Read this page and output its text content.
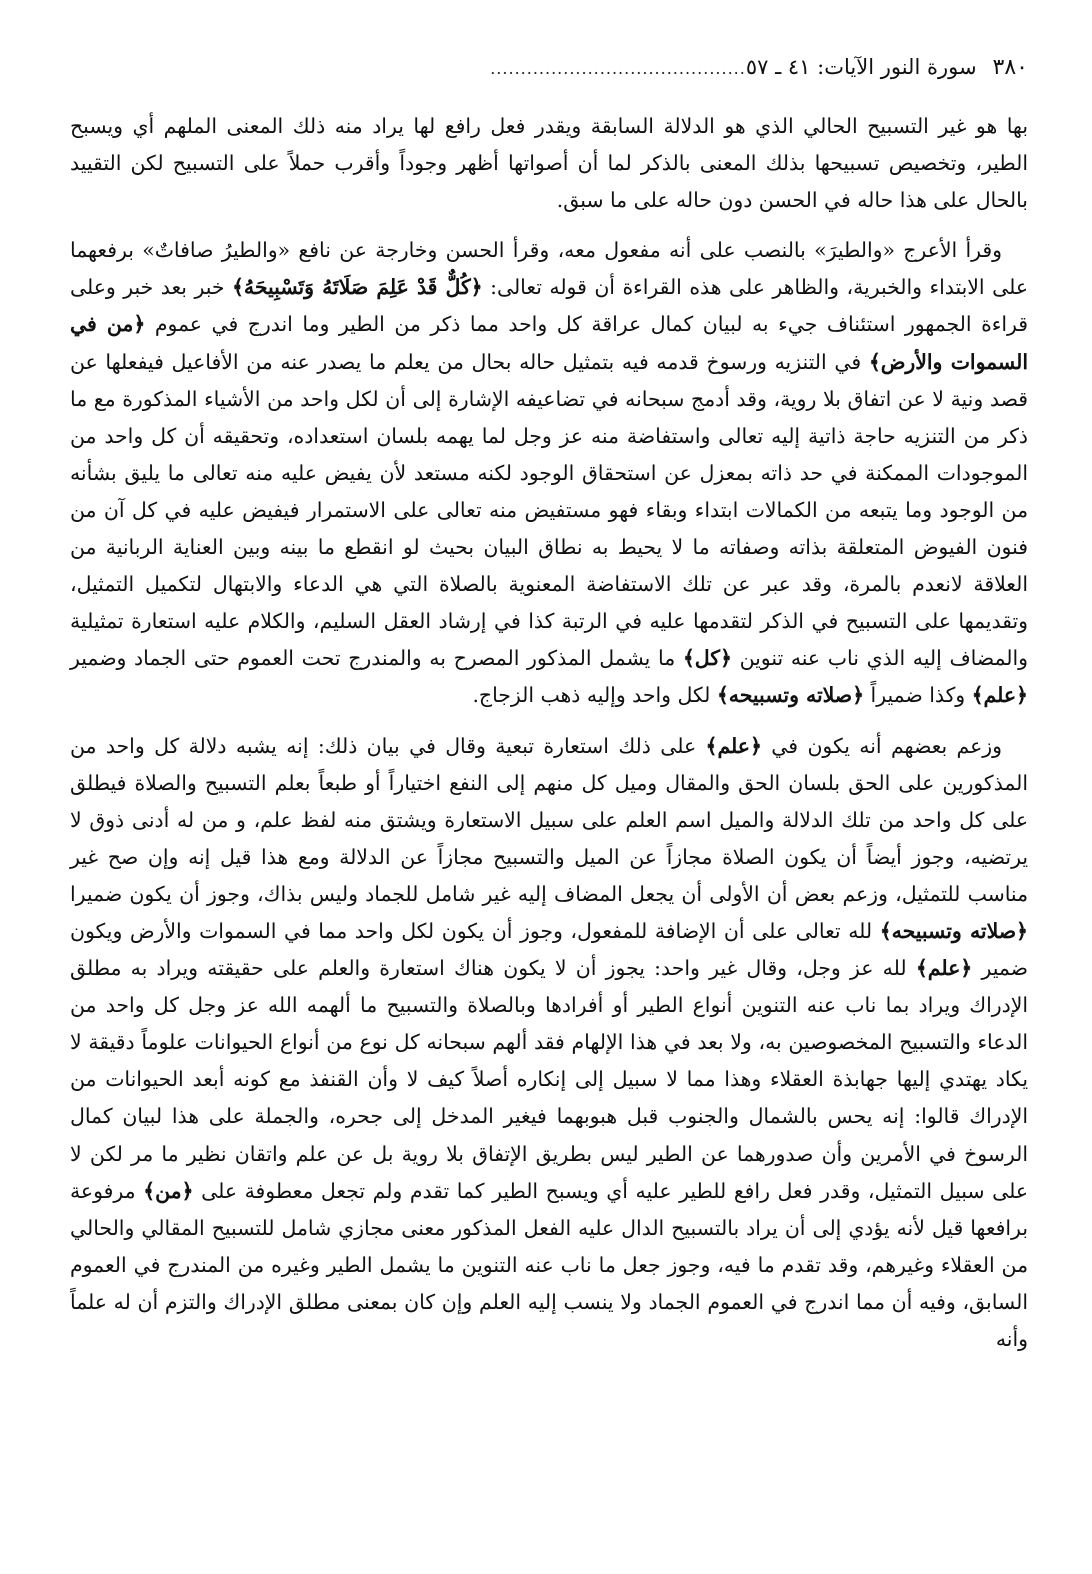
٣٨٠
سورة النور الآيات: ٤١ ـ ٥٧
..........................................

بها هو غير التسبيح الحالي الذي هو الدلالة السابقة ويقدر فعل رافع لها يراد منه ذلك المعنى الملهم أي ويسبح الطير، وتخصيص تسبيحها بذلك المعنى بالذكر لما أن أصواتها أظهر وجوداً وأقرب حملاً على التسبيح لكن التقييد بالحال على هذا حاله في الحسن دون حاله على ما سبق.

وقرأ الأعرج «والطيرَ» بالنصب على أنه مفعول معه، وقرأ الحسن وخارجة عن نافع «والطيرُ صافاتٌ» برفعهما على الابتداء والخبرية، والظاهر على هذه القراءة أن قوله تعالى: ﴿كُلٌّ قَدْ عَلِمَ صَلَاتَهُ وَتَسْبِيحَهُ﴾ خبر بعد خبر وعلى قراءة الجمهور استئناف جيء به لبيان كمال عراقة كل واحد مما ذكر من الطير وما اندرج في عموم ﴿من في السموات والأرض﴾ في التنزيه ورسوخ قدمه فيه بتمثيل حاله بحال من يعلم ما يصدر عنه من الأفاعيل فيفعلها عن قصد ونية لا عن اتفاق بلا روية، وقد أدمج سبحانه في تضاعيفه الإشارة إلى أن لكل واحد من الأشياء المذكورة مع ما ذكر من التنزيه حاجة ذاتية إليه تعالى واستفاضة منه عز وجل لما يهمه بلسان استعداده، وتحقيقه أن كل واحد من الموجودات الممكنة في حد ذاته بمعزل عن استحقاق الوجود لكنه مستعد لأن يفيض عليه منه تعالى ما يليق بشأنه من الوجود وما يتبعه من الكمالات ابتداء وبقاء فهو مستفيض منه تعالى على الاستمرار فيفيض عليه في كل آن من فنون الفيوض المتعلقة بذاته وصفاته ما لا يحيط به نطاق البيان بحيث لو انقطع ما بينه وبين العناية الربانية من العلاقة لانعدم بالمرة، وقد عبر عن تلك الاستفاضة المعنوية بالصلاة التي هي الدعاء والابتهال لتكميل التمثيل، وتقديمها على التسبيح في الذكر لتقدمها عليه في الرتبة كذا في إرشاد العقل السليم، والكلام عليه استعارة تمثيلية والمضاف إليه الذي ناب عنه تنوين ﴿كل﴾ ما يشمل المذكور المصرح به والمندرج تحت العموم حتى الجماد وضمير ﴿علم﴾ وكذا ضميراً ﴿صلاته وتسبيحه﴾ لكل واحد وإليه ذهب الزجاج.

وزعم بعضهم أنه يكون في ﴿علم﴾ على ذلك استعارة تبعية وقال في بيان ذلك: إنه يشبه دلالة كل واحد من المذكورين على الحق بلسان الحق والمقال وميل كل منهم إلى النفع اختياراً أو طبعاً بعلم التسبيح والصلاة فيطلق على كل واحد من تلك الدلالة والميل اسم العلم على سبيل الاستعارة ويشتق منه لفظ علم، و من له أدنى ذوق لا يرتضيه، وجوز أيضاً أن يكون الصلاة مجازاً عن الميل والتسبيح مجازاً عن الدلالة ومع هذا قيل إنه وإن صح غير مناسب للتمثيل، وزعم بعض أن الأولى أن يجعل المضاف إليه غير شامل للجماد وليس بذاك، وجوز أن يكون ضميرا ﴿صلاته وتسبيحه﴾ لله تعالى على أن الإضافة للمفعول، وجوز أن يكون لكل واحد مما في السموات والأرض ويكون ضمير ﴿علم﴾ لله عز وجل، وقال غير واحد: يجوز أن لا يكون هناك استعارة والعلم على حقيقته ويراد به مطلق الإدراك ويراد بما ناب عنه التنوين أنواع الطير أو أفرادها وبالصلاة والتسبيح ما ألهمه الله عز وجل كل واحد من الدعاء والتسبيح المخصوصين به، ولا بعد في هذا الإلهام فقد ألهم سبحانه كل نوع من أنواع الحيوانات علوماً دقيقة لا يكاد يهتدي إليها جهابذة العقلاء وهذا مما لا سبيل إلى إنكاره أصلاً كيف لا وأن القنفذ مع كونه أبعد الحيوانات من الإدراك قالوا: إنه يحس بالشمال والجنوب قبل هبوبهما فيغير المدخل إلى جحره، والجملة على هذا لبيان كمال الرسوخ في الأمرين وأن صدورهما عن الطير ليس بطريق الإتفاق بلا روية بل عن علم واتقان نظير ما مر لكن لا على سبيل التمثيل، وقدر فعل رافع للطير عليه أي ويسبح الطير كما تقدم ولم تجعل معطوفة على ﴿من﴾ مرفوعة برافعها قيل لأنه يؤدي إلى أن يراد بالتسبيح الدال عليه الفعل المذكور معنى مجازي شامل للتسبيح المقالي والحالي من العقلاء وغيرهم، وقد تقدم ما فيه، وجوز جعل ما ناب عنه التنوين ما يشمل الطير وغيره من المندرج في العموم السابق، وفيه أن مما اندرج في العموم الجماد ولا ينسب إليه العلم وإن كان بمعنى مطلق الإدراك والتزم أن له علماً وأنه
